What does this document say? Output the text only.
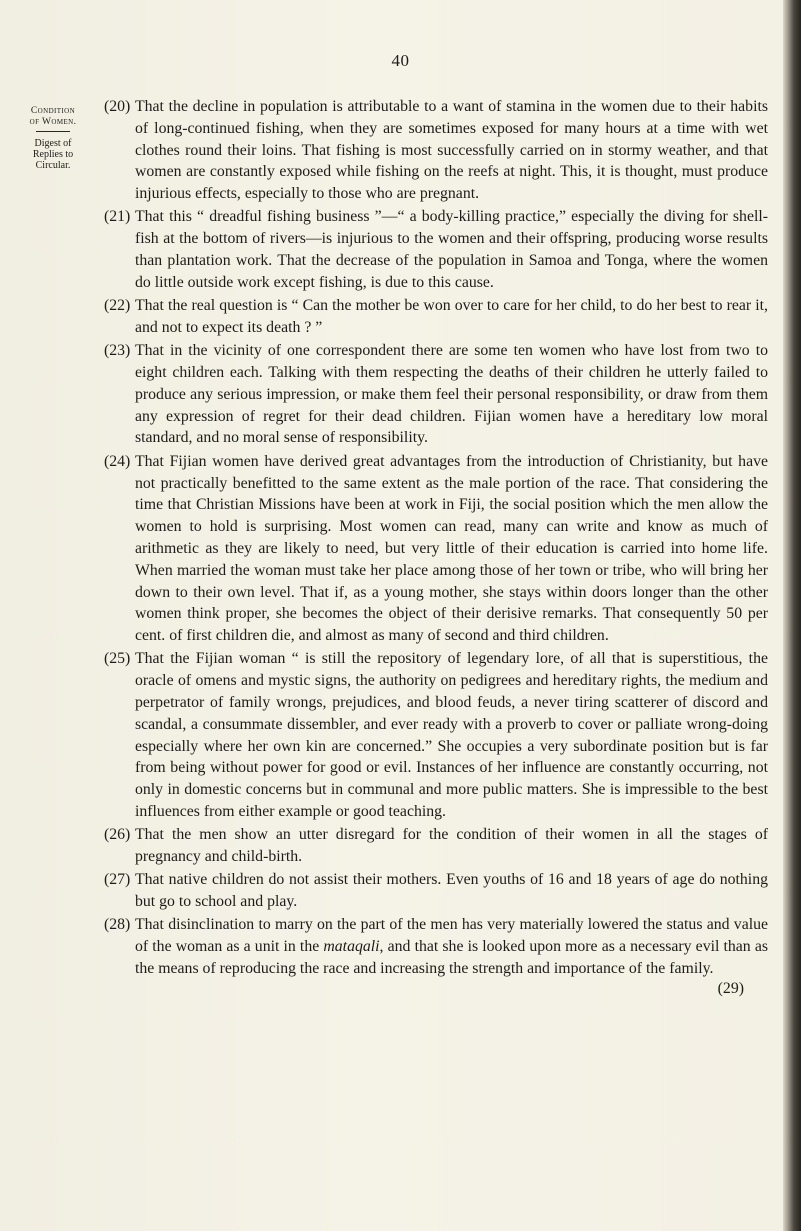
40
Condition
of Women.
Digest of
Replies to
Circular.
(20) That the decline in population is attributable to a want of stamina in the women due to their habits of long-continued fishing, when they are sometimes exposed for many hours at a time with wet clothes round their loins. That fishing is most successfully carried on in stormy weather, and that women are constantly exposed while fishing on the reefs at night. This, it is thought, must produce injurious effects, especially to those who are pregnant.
(21) That this “ dreadful fishing business ”—“ a body-killing practice,” especially the diving for shell-fish at the bottom of rivers—is injurious to the women and their offspring, producing worse results than plantation work. That the decrease of the population in Samoa and Tonga, where the women do little outside work except fishing, is due to this cause.
(22) That the real question is “ Can the mother be won over to care for her child, to do her best to rear it, and not to expect its death ? ”
(23) That in the vicinity of one correspondent there are some ten women who have lost from two to eight children each. Talking with them respecting the deaths of their children he utterly failed to produce any serious impression, or make them feel their personal responsibility, or draw from them any expression of regret for their dead children. Fijian women have a hereditary low moral standard, and no moral sense of responsibility.
(24) That Fijian women have derived great advantages from the introduction of Christianity, but have not practically benefitted to the same extent as the male portion of the race. That considering the time that Christian Missions have been at work in Fiji, the social position which the men allow the women to hold is surprising. Most women can read, many can write and know as much of arithmetic as they are likely to need, but very little of their education is carried into home life. When married the woman must take her place among those of her town or tribe, who will bring her down to their own level. That if, as a young mother, she stays within doors longer than the other women think proper, she becomes the object of their derisive remarks. That consequently 50 per cent. of first children die, and almost as many of second and third children.
(25) That the Fijian woman “ is still the repository of legendary lore, of all that is superstitious, the oracle of omens and mystic signs, the authority on pedigrees and hereditary rights, the medium and perpetrator of family wrongs, prejudices, and blood feuds, a never tiring scatterer of discord and scandal, a consummate dissembler, and ever ready with a proverb to cover or palliate wrong-doing especially where her own kin are concerned.” She occupies a very subordinate position but is far from being without power for good or evil. Instances of her influence are constantly occurring, not only in domestic concerns but in communal and more public matters. She is impressible to the best influences from either example or good teaching.
(26) That the men show an utter disregard for the condition of their women in all the stages of pregnancy and child-birth.
(27) That native children do not assist their mothers. Even youths of 16 and 18 years of age do nothing but go to school and play.
(28) That disinclination to marry on the part of the men has very materially lowered the status and value of the woman as a unit in the mataqali, and that she is looked upon more as a necessary evil than as the means of reproducing the race and increasing the strength and importance of the family.
(29)
